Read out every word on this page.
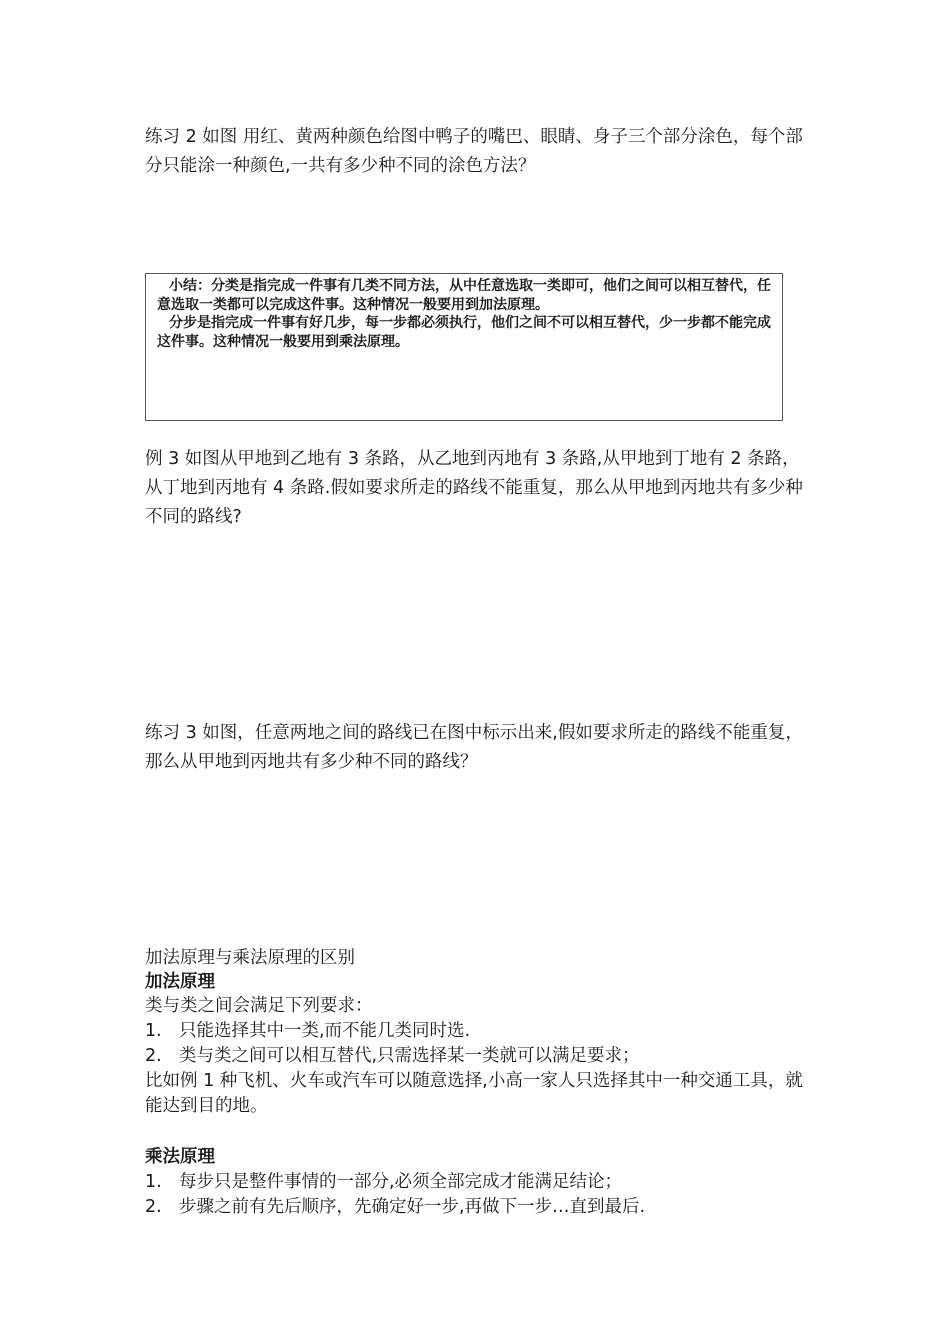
练习 2 如图 用红、黄两种颜色给图中鸭子的嘴巴、眼睛、身子三个部分涂色，每个部分只能涂一种颜色,一共有多少种不同的涂色方法？

小结：分类是指完成一件事有几类不同方法，从中任意选取一类即可，他们之间可以相互替代，任意选取一类都可以完成这件事。这种情况一般要用到加法原理。

分步是指完成一件事有好几步，每一步都必须执行，他们之间不可以相互替代，少一步都不能完成这件事。这种情况一般要用到乘法原理。

例 3 如图从甲地到乙地有 3 条路，从乙地到丙地有 3 条路,从甲地到丁地有 2 条路，从丁地到丙地有 4 条路.假如要求所走的路线不能重复，那么从甲地到丙地共有多少种不同的路线?

练习 3 如图，任意两地之间的路线已在图中标示出来,假如要求所走的路线不能重复，那么从甲地到丙地共有多少种不同的路线？

加法原理与乘法原理的区别

加法原理

类与类之间会满足下列要求：

1. 只能选择其中一类,而不能几类同时选.

2. 类与类之间可以相互替代,只需选择某一类就可以满足要求；

比如例 1 种飞机、火车或汽车可以随意选择,小高一家人只选择其中一种交通工具，就能达到目的地。

乘法原理

1. 每步只是整件事情的一部分,必须全部完成才能满足结论；

2. 步骤之前有先后顺序，先确定好一步,再做下一步…直到最后.
